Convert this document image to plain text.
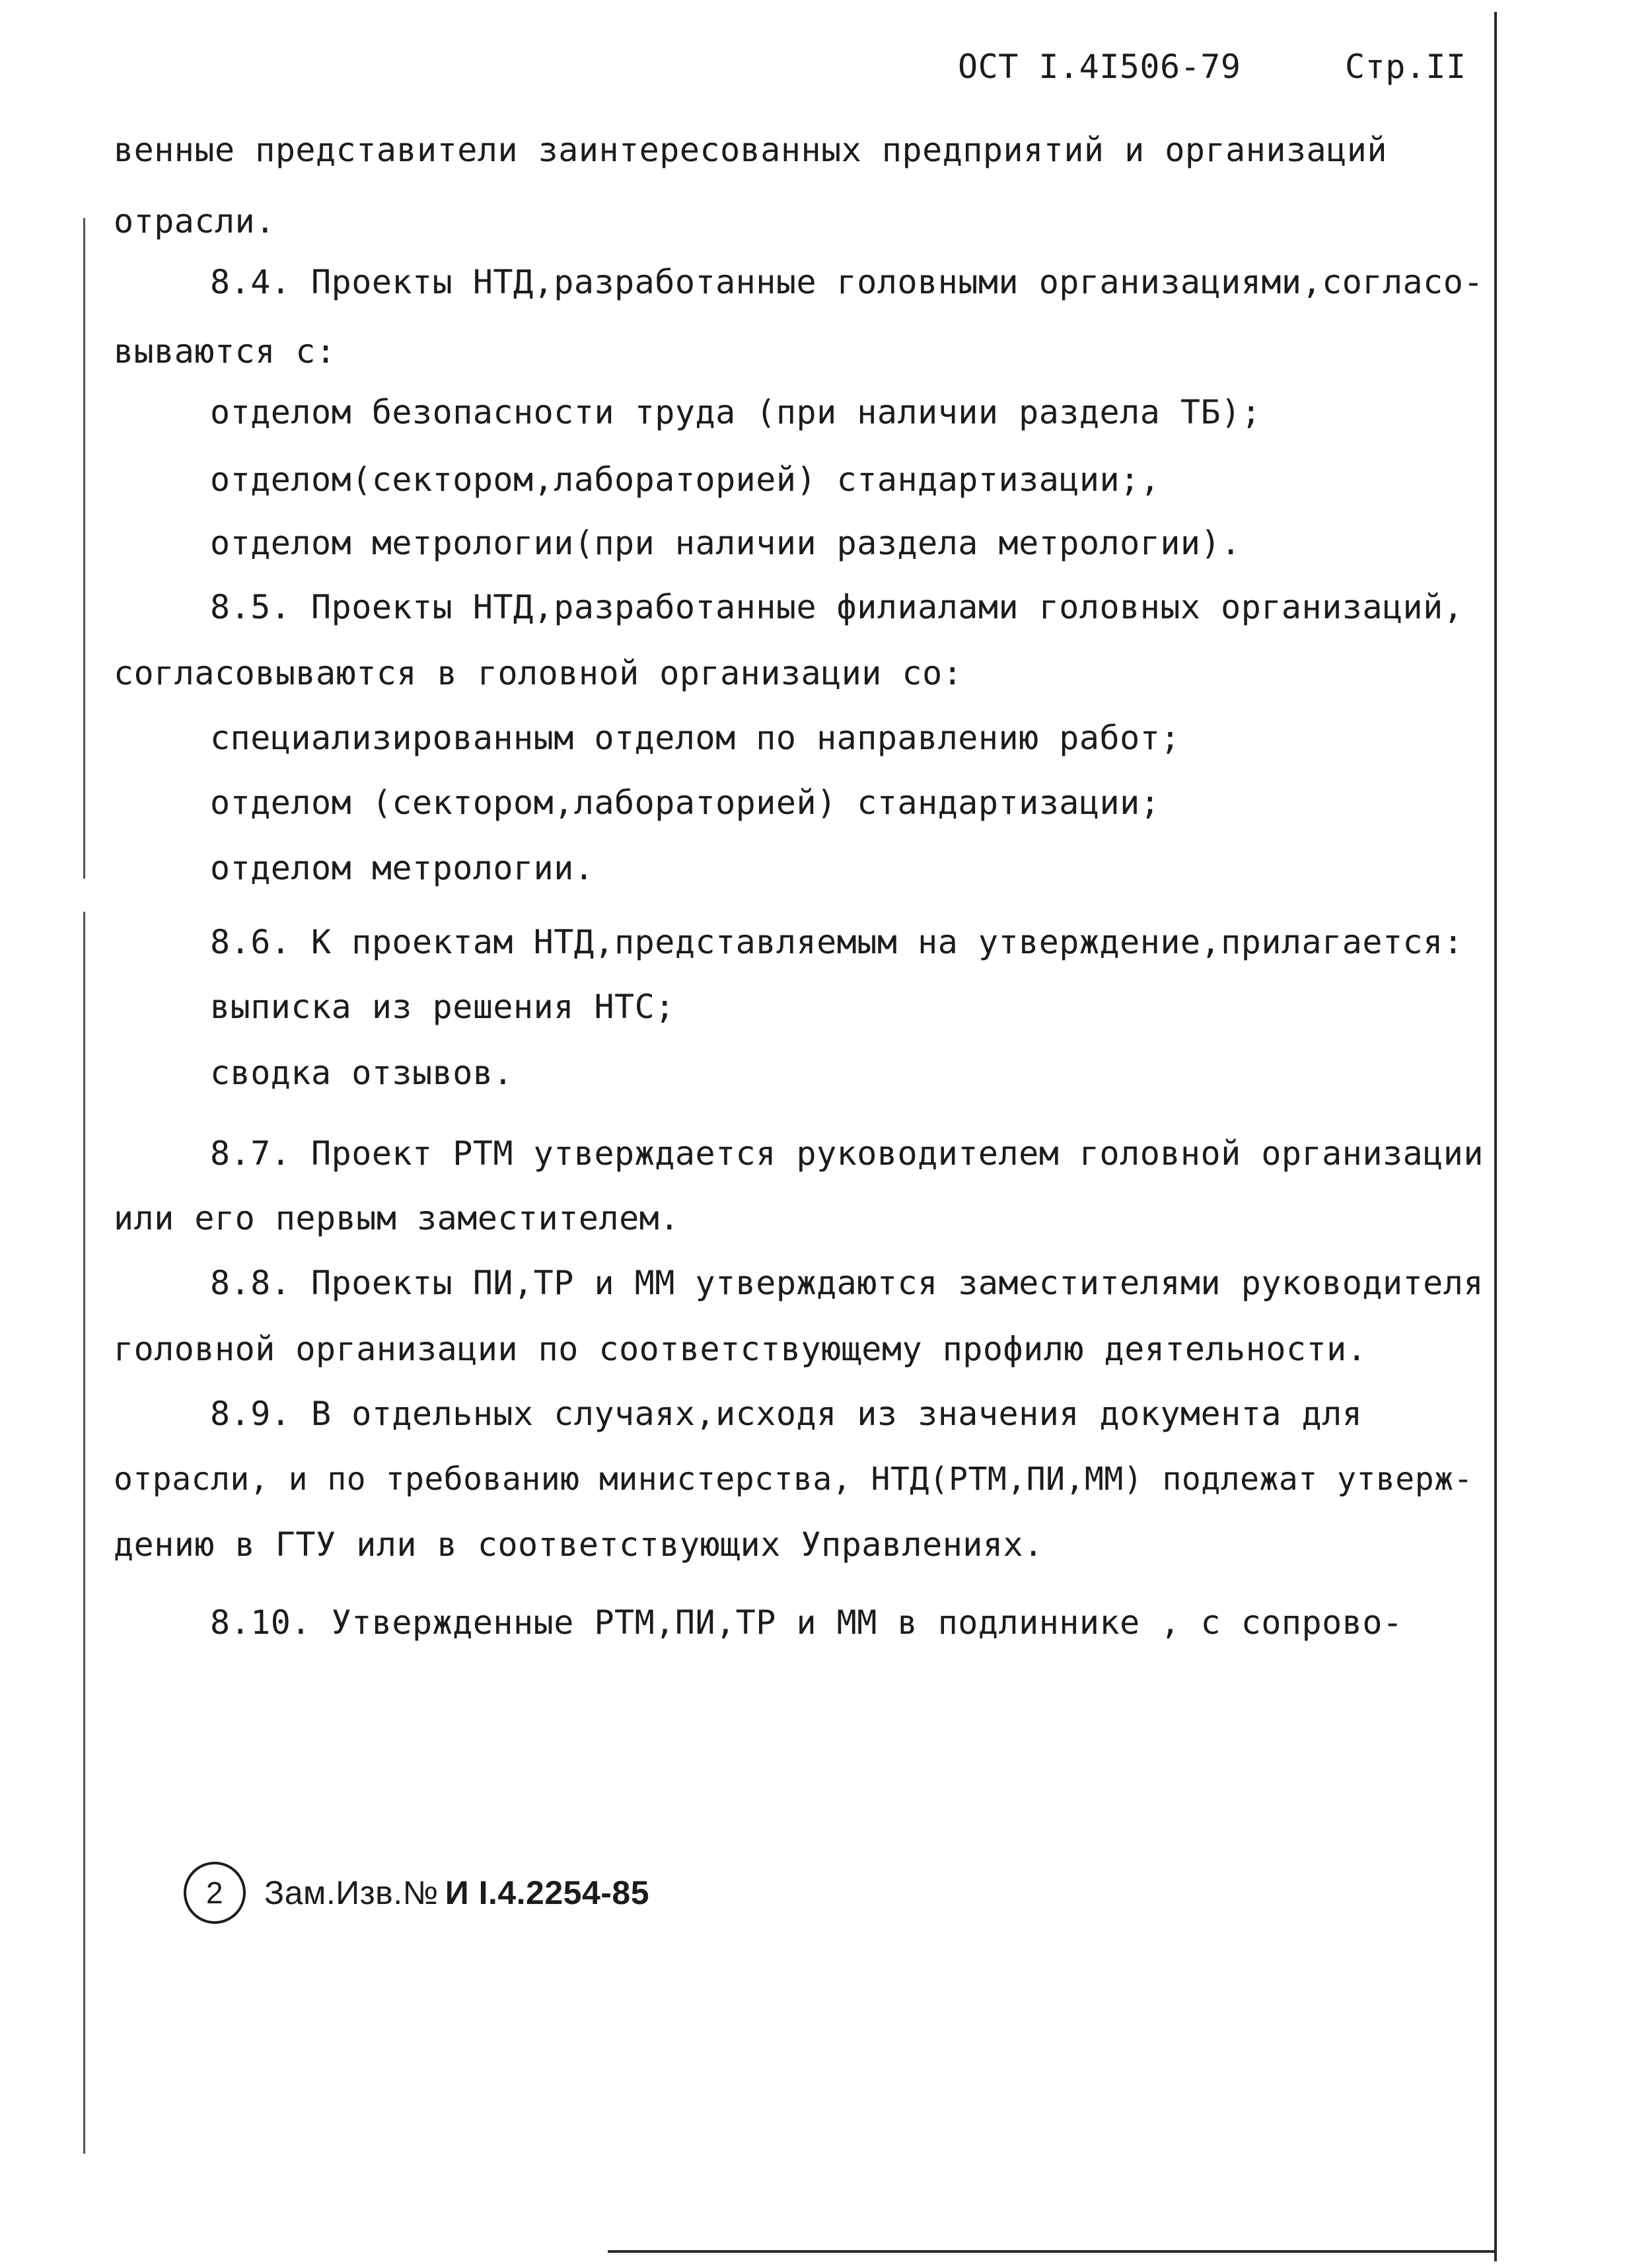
ОСТ I.4I506-79	Стр.II
венные представители заинтересованных предприятий и организаций
отрасли.
8.4. Проекты НТД,разработанные головными организациями,согласо-
вываются с:
отделом безопасности труда (при наличии раздела ТБ);
отделом(сектором,лабораторией) стандартизации;,
отделом метрологии(при наличии раздела метрологии).
8.5. Проекты НТД,разработанные филиалами головных организаций,
согласовываются в головной организации со:
специализированным отделом по направлению работ;
отделом (сектором,лабораторией) стандартизации;
отделом метрологии.
8.6. К проектам НТД,представляемым на утверждение,прилагается:
выписка из решения НТС;
сводка отзывов.
8.7. Проект РТМ утверждается руководителем головной организации
или его первым заместителем.
8.8. Проекты ПИ,ТР и ММ утверждаются заместителями руководителя
головной организации по соответствующему профилю деятельности.
8.9. В отдельных случаях,исходя из значения документа для
отрасли, и по требованию министерства, НТД(РТМ,ПИ,ММ) подлежат утверж-
дению в ГТУ или в соответствующих Управлениях.
8.10. Утвержденные РТМ,ПИ,ТР и ММ в подлиннике , с сопрово-
2	Зам.Изв.№ И I.4.2254-85
